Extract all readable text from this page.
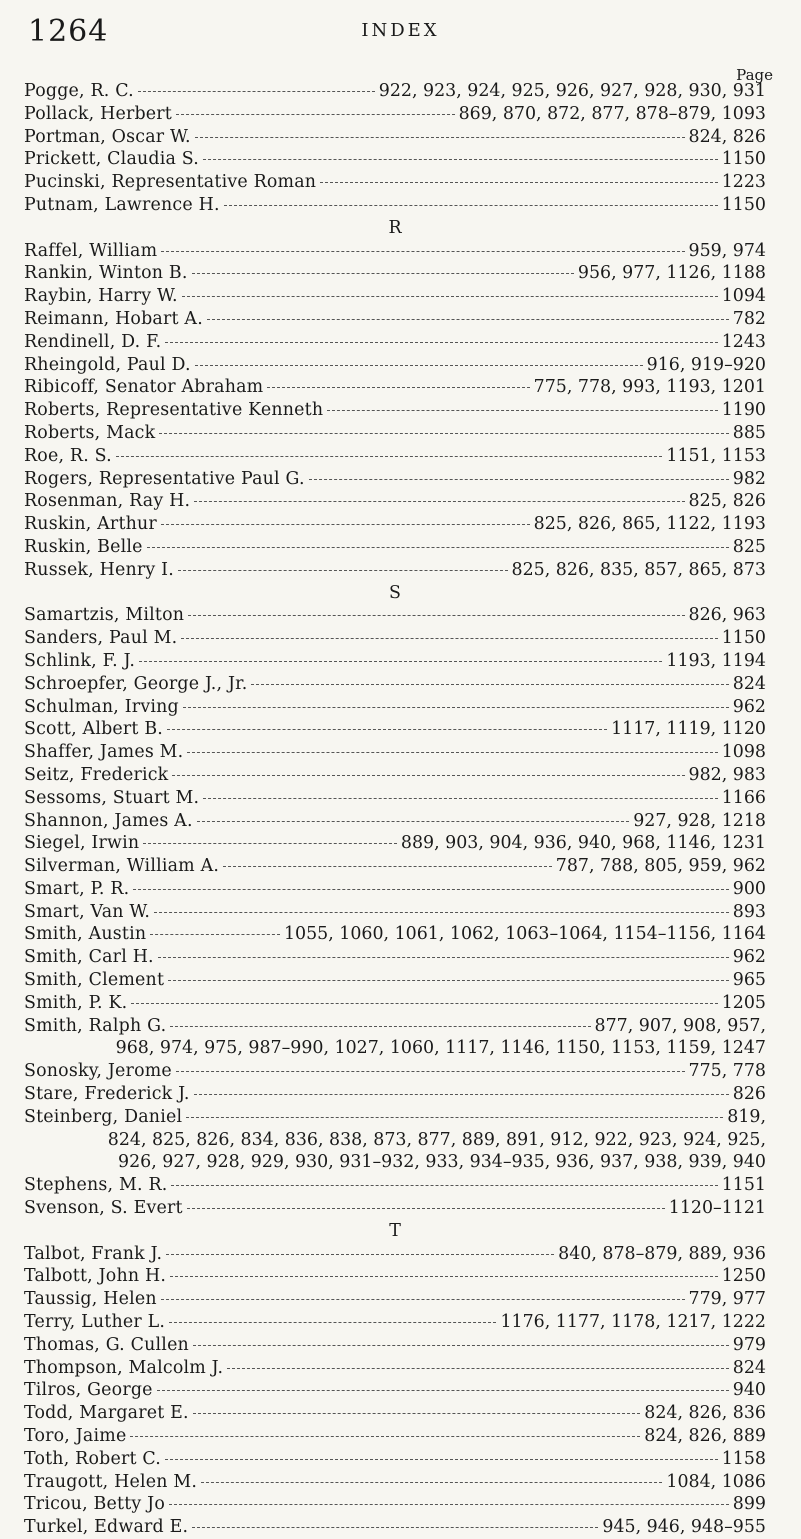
1264	INDEX
Page
Pogge, R. C.	922, 923, 924, 925, 926, 927, 928, 930, 931
Pollack, Herbert	869, 870, 872, 877, 878–879, 1093
Portman, Oscar W.	824, 826
Prickett, Claudia S.	1150
Pucinski, Representative Roman	1223
Putnam, Lawrence H.	1150
R
Raffel, William	959, 974
Rankin, Winton B.	956, 977, 1126, 1188
Raybin, Harry W.	1094
Reimann, Hobart A.	782
Rendinell, D. F.	1243
Rheingold, Paul D.	916, 919–920
Ribicoff, Senator Abraham	775, 778, 993, 1193, 1201
Roberts, Representative Kenneth	1190
Roberts, Mack	885
Roe, R. S.	1151, 1153
Rogers, Representative Paul G.	982
Rosenman, Ray H.	825, 826
Ruskin, Arthur	825, 826, 865, 1122, 1193
Ruskin, Belle	825
Russek, Henry I.	825, 826, 835, 857, 865, 873
S
Samartzis, Milton	826, 963
Sanders, Paul M.	1150
Schlink, F. J.	1193, 1194
Schroepfer, George J., Jr.	824
Schulman, Irving	962
Scott, Albert B.	1117, 1119, 1120
Shaffer, James M.	1098
Seitz, Frederick	982, 983
Sessoms, Stuart M.	1166
Shannon, James A.	927, 928, 1218
Siegel, Irwin	889, 903, 904, 936, 940, 968, 1146, 1231
Silverman, William A.	787, 788, 805, 959, 962
Smart, P. R.	900
Smart, Van W.	893
Smith, Austin	1055, 1060, 1061, 1062, 1063–1064, 1154–1156, 1164
Smith, Carl H.	962
Smith, Clement	965
Smith, P. K.	1205
Smith, Ralph G.	877, 907, 908, 957,
968, 974, 975, 987–990, 1027, 1060, 1117, 1146, 1150, 1153, 1159, 1247
Sonosky, Jerome	775, 778
Stare, Frederick J.	826
Steinberg, Daniel	819,
824, 825, 826, 834, 836, 838, 873, 877, 889, 891, 912, 922, 923, 924, 925,
926, 927, 928, 929, 930, 931–932, 933, 934–935, 936, 937, 938, 939, 940
Stephens, M. R.	1151
Svenson, S. Evert	1120–1121
T
Talbot, Frank J.	840, 878–879, 889, 936
Talbott, John H.	1250
Taussig, Helen	779, 977
Terry, Luther L.	1176, 1177, 1178, 1217, 1222
Thomas, G. Cullen	979
Thompson, Malcolm J.	824
Tilros, George	940
Todd, Margaret E.	824, 826, 836
Toro, Jaime	824, 826, 889
Toth, Robert C.	1158
Traugott, Helen M.	1084, 1086
Tricou, Betty Jo	899
Turkel, Edward E.	945, 946, 948–955
